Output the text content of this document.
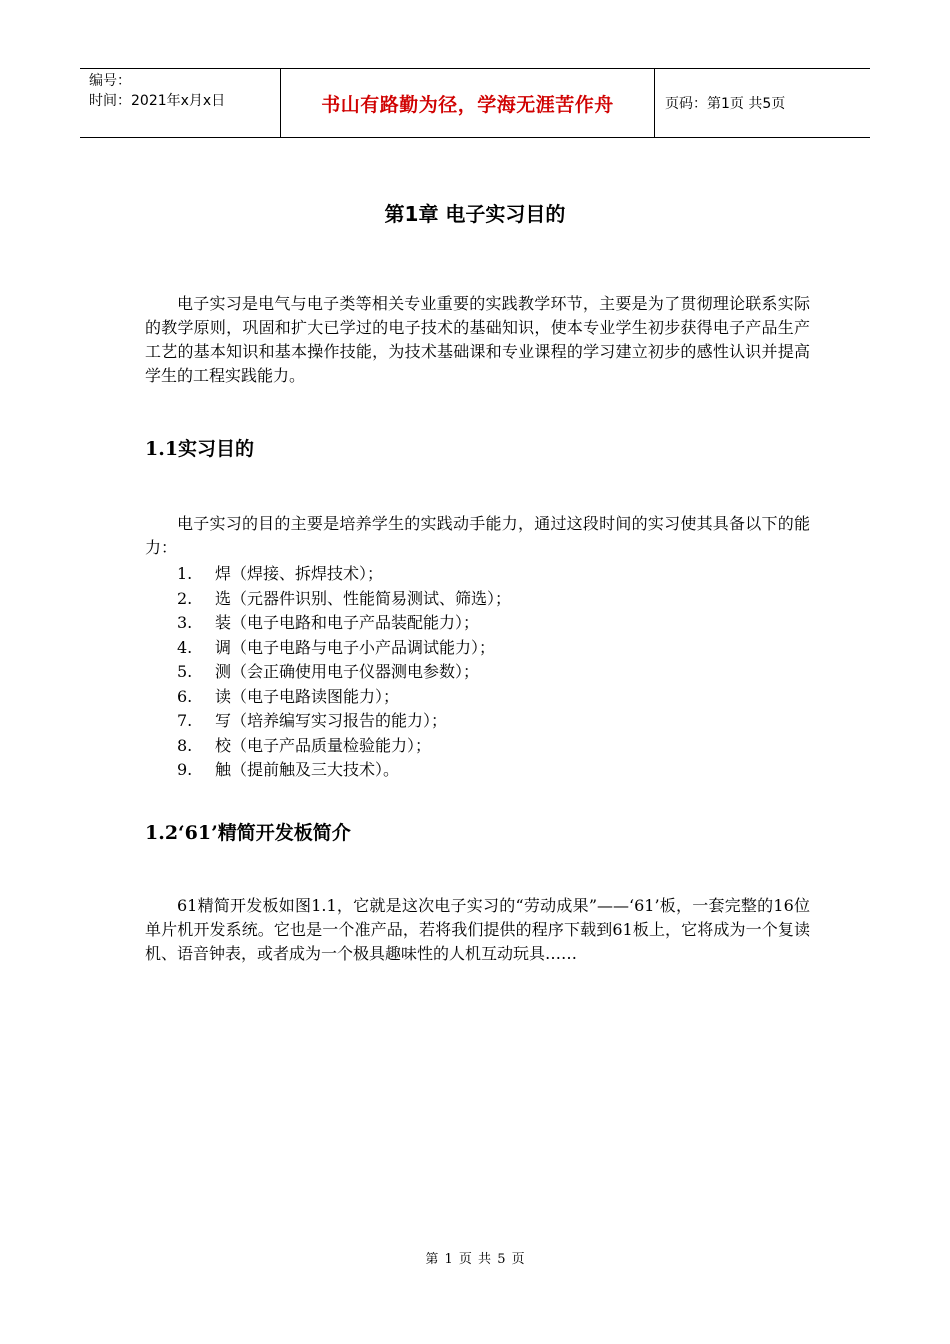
编号：
时间：2021年x月x日	书山有路勤为径，学海无涯苦作舟	页码：第1页 共5页
第1章 电子实习目的

电子实习是电气与电子类等相关专业重要的实践教学环节，主要是为了贯彻理论联系实际的教学原则，巩固和扩大已学过的电子技术的基础知识，使本专业学生初步获得电子产品生产工艺的基本知识和基本操作技能，为技术基础课和专业课程的学习建立初步的感性认识并提高学生的工程实践能力。

1.1实习目的

电子实习的目的主要是培养学生的实践动手能力，通过这段时间的实习使其具备以下的能力：

1. 焊（焊接、拆焊技术）；
2. 选（元器件识别、性能简易测试、筛选）；
3. 装（电子电路和电子产品装配能力）；
4. 调（电子电路与电子小产品调试能力）；
5. 测（会正确使用电子仪器测电参数）；
6. 读（电子电路读图能力）；
7. 写（培养编写实习报告的能力）；
8. 校（电子产品质量检验能力）；
9. 触（提前触及三大技术）。
1.2‘61’精简开发板简介

61精简开发板如图1.1，它就是这次电子实习的“劳动成果”——‘61’板，一套完整的16位单片机开发系统。它也是一个准产品，若将我们提供的程序下载到61板上，它将成为一个复读机、语音钟表，或者成为一个极具趣味性的人机互动玩具……

第 1 页 共 5 页
